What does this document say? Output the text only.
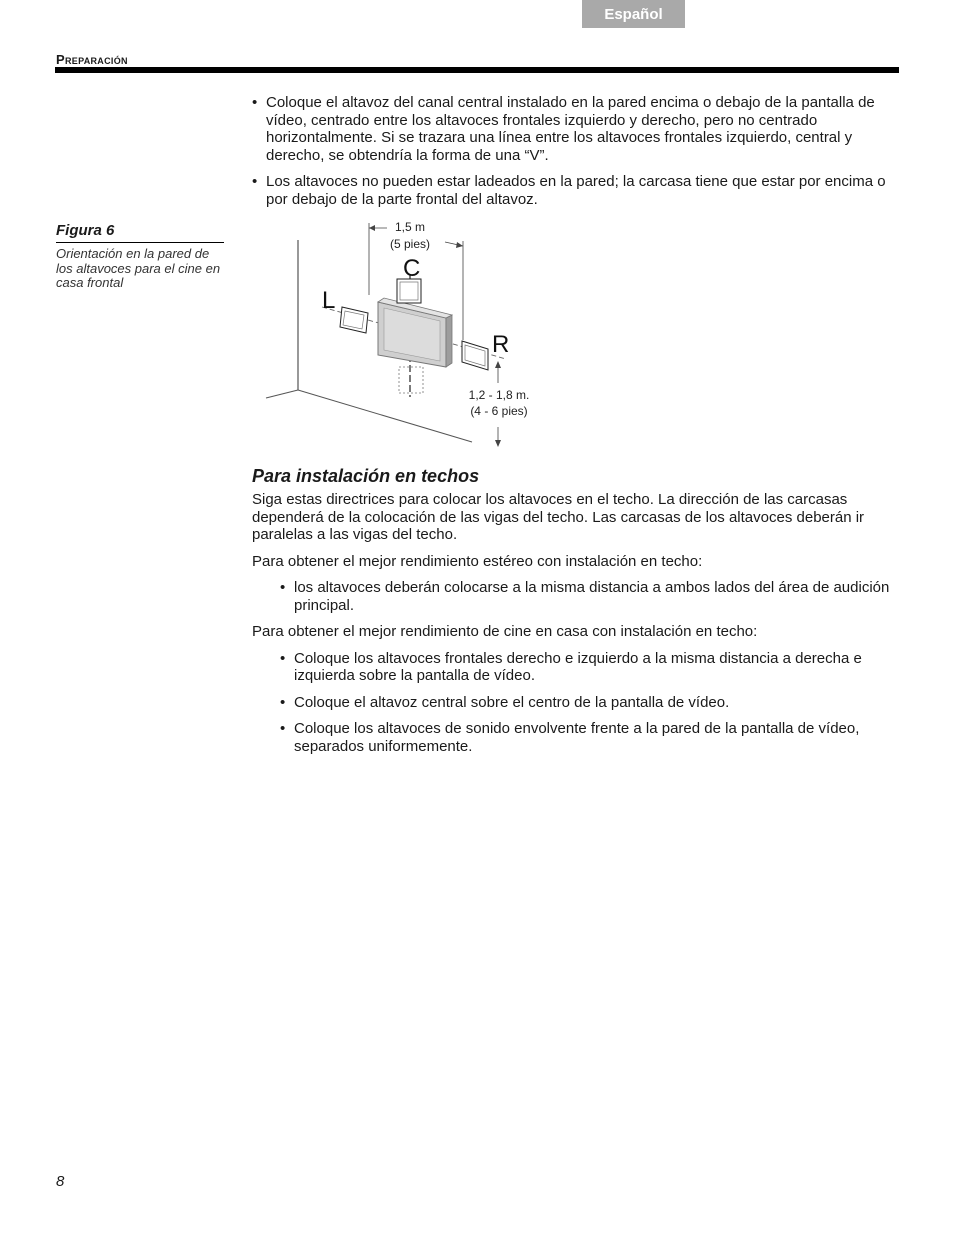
Español
Preparación
• Coloque el altavoz del canal central instalado en la pared encima o debajo de la pantalla de vídeo, centrado entre los altavoces frontales izquierdo y derecho, pero no centrado horizontalmente. Si se trazara una línea entre los altavoces frontales izquierdo, central y derecho, se obtendría la forma de una “V”.
• Los altavoces no pueden estar ladeados en la pared; la carcasa tiene que estar por encima o por debajo de la parte frontal del altavoz.
Figura 6
Orientación en la pared de los altavoces para el cine en casa frontal
1,5 m
(5 pies)
C
L
R
1,2 - 1,8 m.
(4 - 6 pies)
Para instalación en techos

Siga estas directrices para colocar los altavoces en el techo. La dirección de las carcasas dependerá de la colocación de las vigas del techo. Las carcasas de los altavoces deberán ir paralelas a las vigas del techo.

Para obtener el mejor rendimiento estéreo con instalación en techo:

• los altavoces deberán colocarse a la misma distancia a ambos lados del área de audición principal.

Para obtener el mejor rendimiento de cine en casa con instalación en techo:

• Coloque los altavoces frontales derecho e izquierdo a la misma distancia a derecha e izquierda sobre la pantalla de vídeo.
• Coloque el altavoz central sobre el centro de la pantalla de vídeo.
• Coloque los altavoces de sonido envolvente frente a la pared de la pantalla de vídeo, separados uniformemente.
8
